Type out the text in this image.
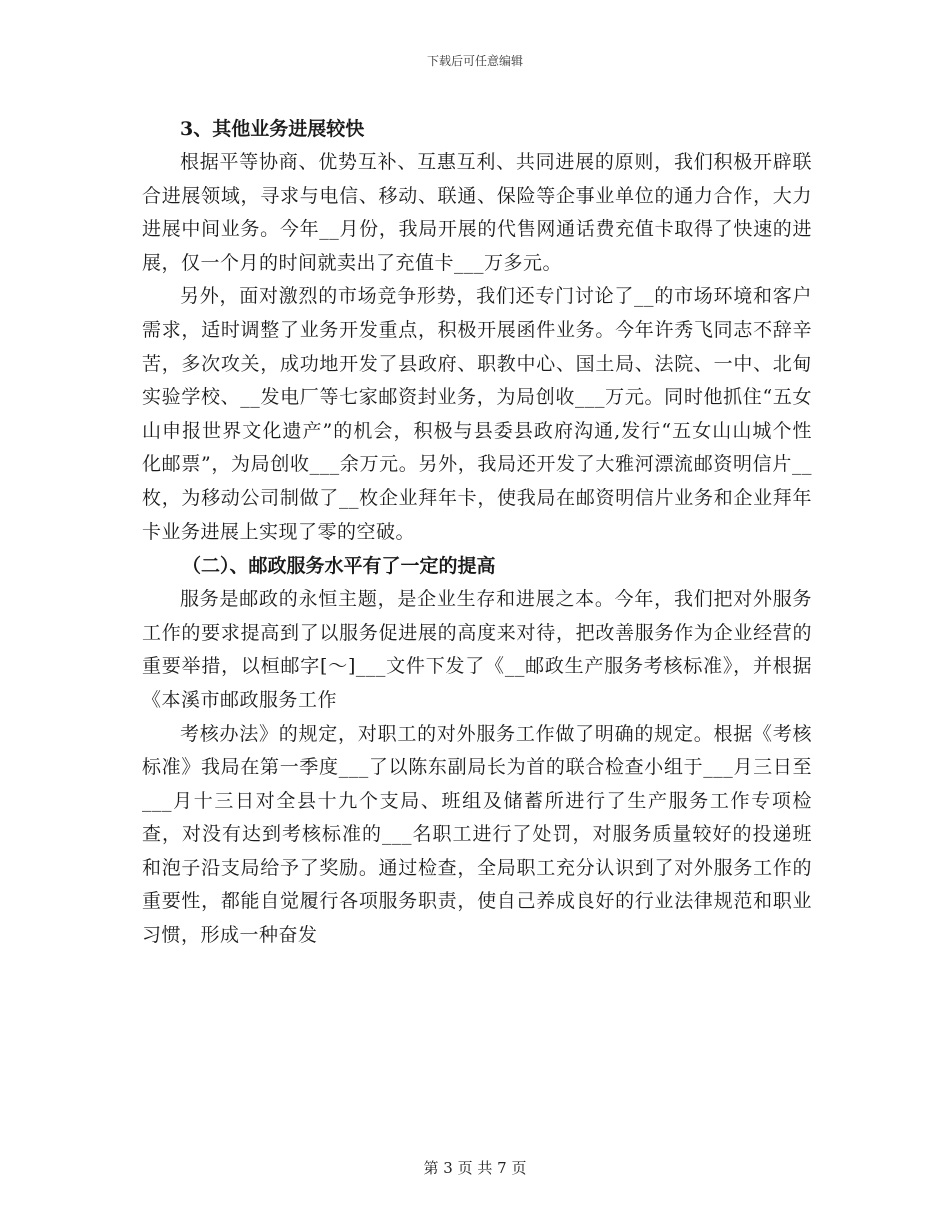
下载后可任意编辑

3、其他业务进展较快

根据平等协商、优势互补、互惠互利、共同进展的原则，我们积极开辟联合进展领域，寻求与电信、移动、联通、保险等企事业单位的通力合作，大力进展中间业务。今年__月份，我局开展的代售网通话费充值卡取得了快速的进展，仅一个月的时间就卖出了充值卡___万多元。

另外，面对激烈的市场竞争形势，我们还专门讨论了__的市场环境和客户需求，适时调整了业务开发重点，积极开展函件业务。今年许秀飞同志不辞辛苦，多次攻关，成功地开发了县政府、职教中心、国土局、法院、一中、北甸实验学校、__发电厂等七家邮资封业务，为局创收___万元。同时他抓住“五女山申报世界文化遗产”的机会，积极与县委县政府沟通,发行“五女山山城个性化邮票”，为局创收___余万元。另外，我局还开发了大雅河漂流邮资明信片__枚，为移动公司制做了__枚企业拜年卡，使我局在邮资明信片业务和企业拜年卡业务进展上实现了零的空破。

（二）、邮政服务水平有了一定的提高

服务是邮政的永恒主题，是企业生存和进展之本。今年，我们把对外服务工作的要求提高到了以服务促进展的高度来对待，把改善服务作为企业经营的重要举措，以桓邮字[～]___文件下发了《__邮政生产服务考核标准》，并根据《本溪市邮政服务工作

考核办法》的规定，对职工的对外服务工作做了明确的规定。根据《考核标准》我局在第一季度___了以陈东副局长为首的联合检查小组于___月三日至___月十三日对全县十九个支局、班组及储蓄所进行了生产服务工作专项检查，对没有达到考核标准的___名职工进行了处罚，对服务质量较好的投递班和泡子沿支局给予了奖励。通过检查，全局职工充分认识到了对外服务工作的重要性，都能自觉履行各项服务职责，使自己养成良好的行业法律规范和职业习惯，形成一种奋发

第 3 页 共 7 页
